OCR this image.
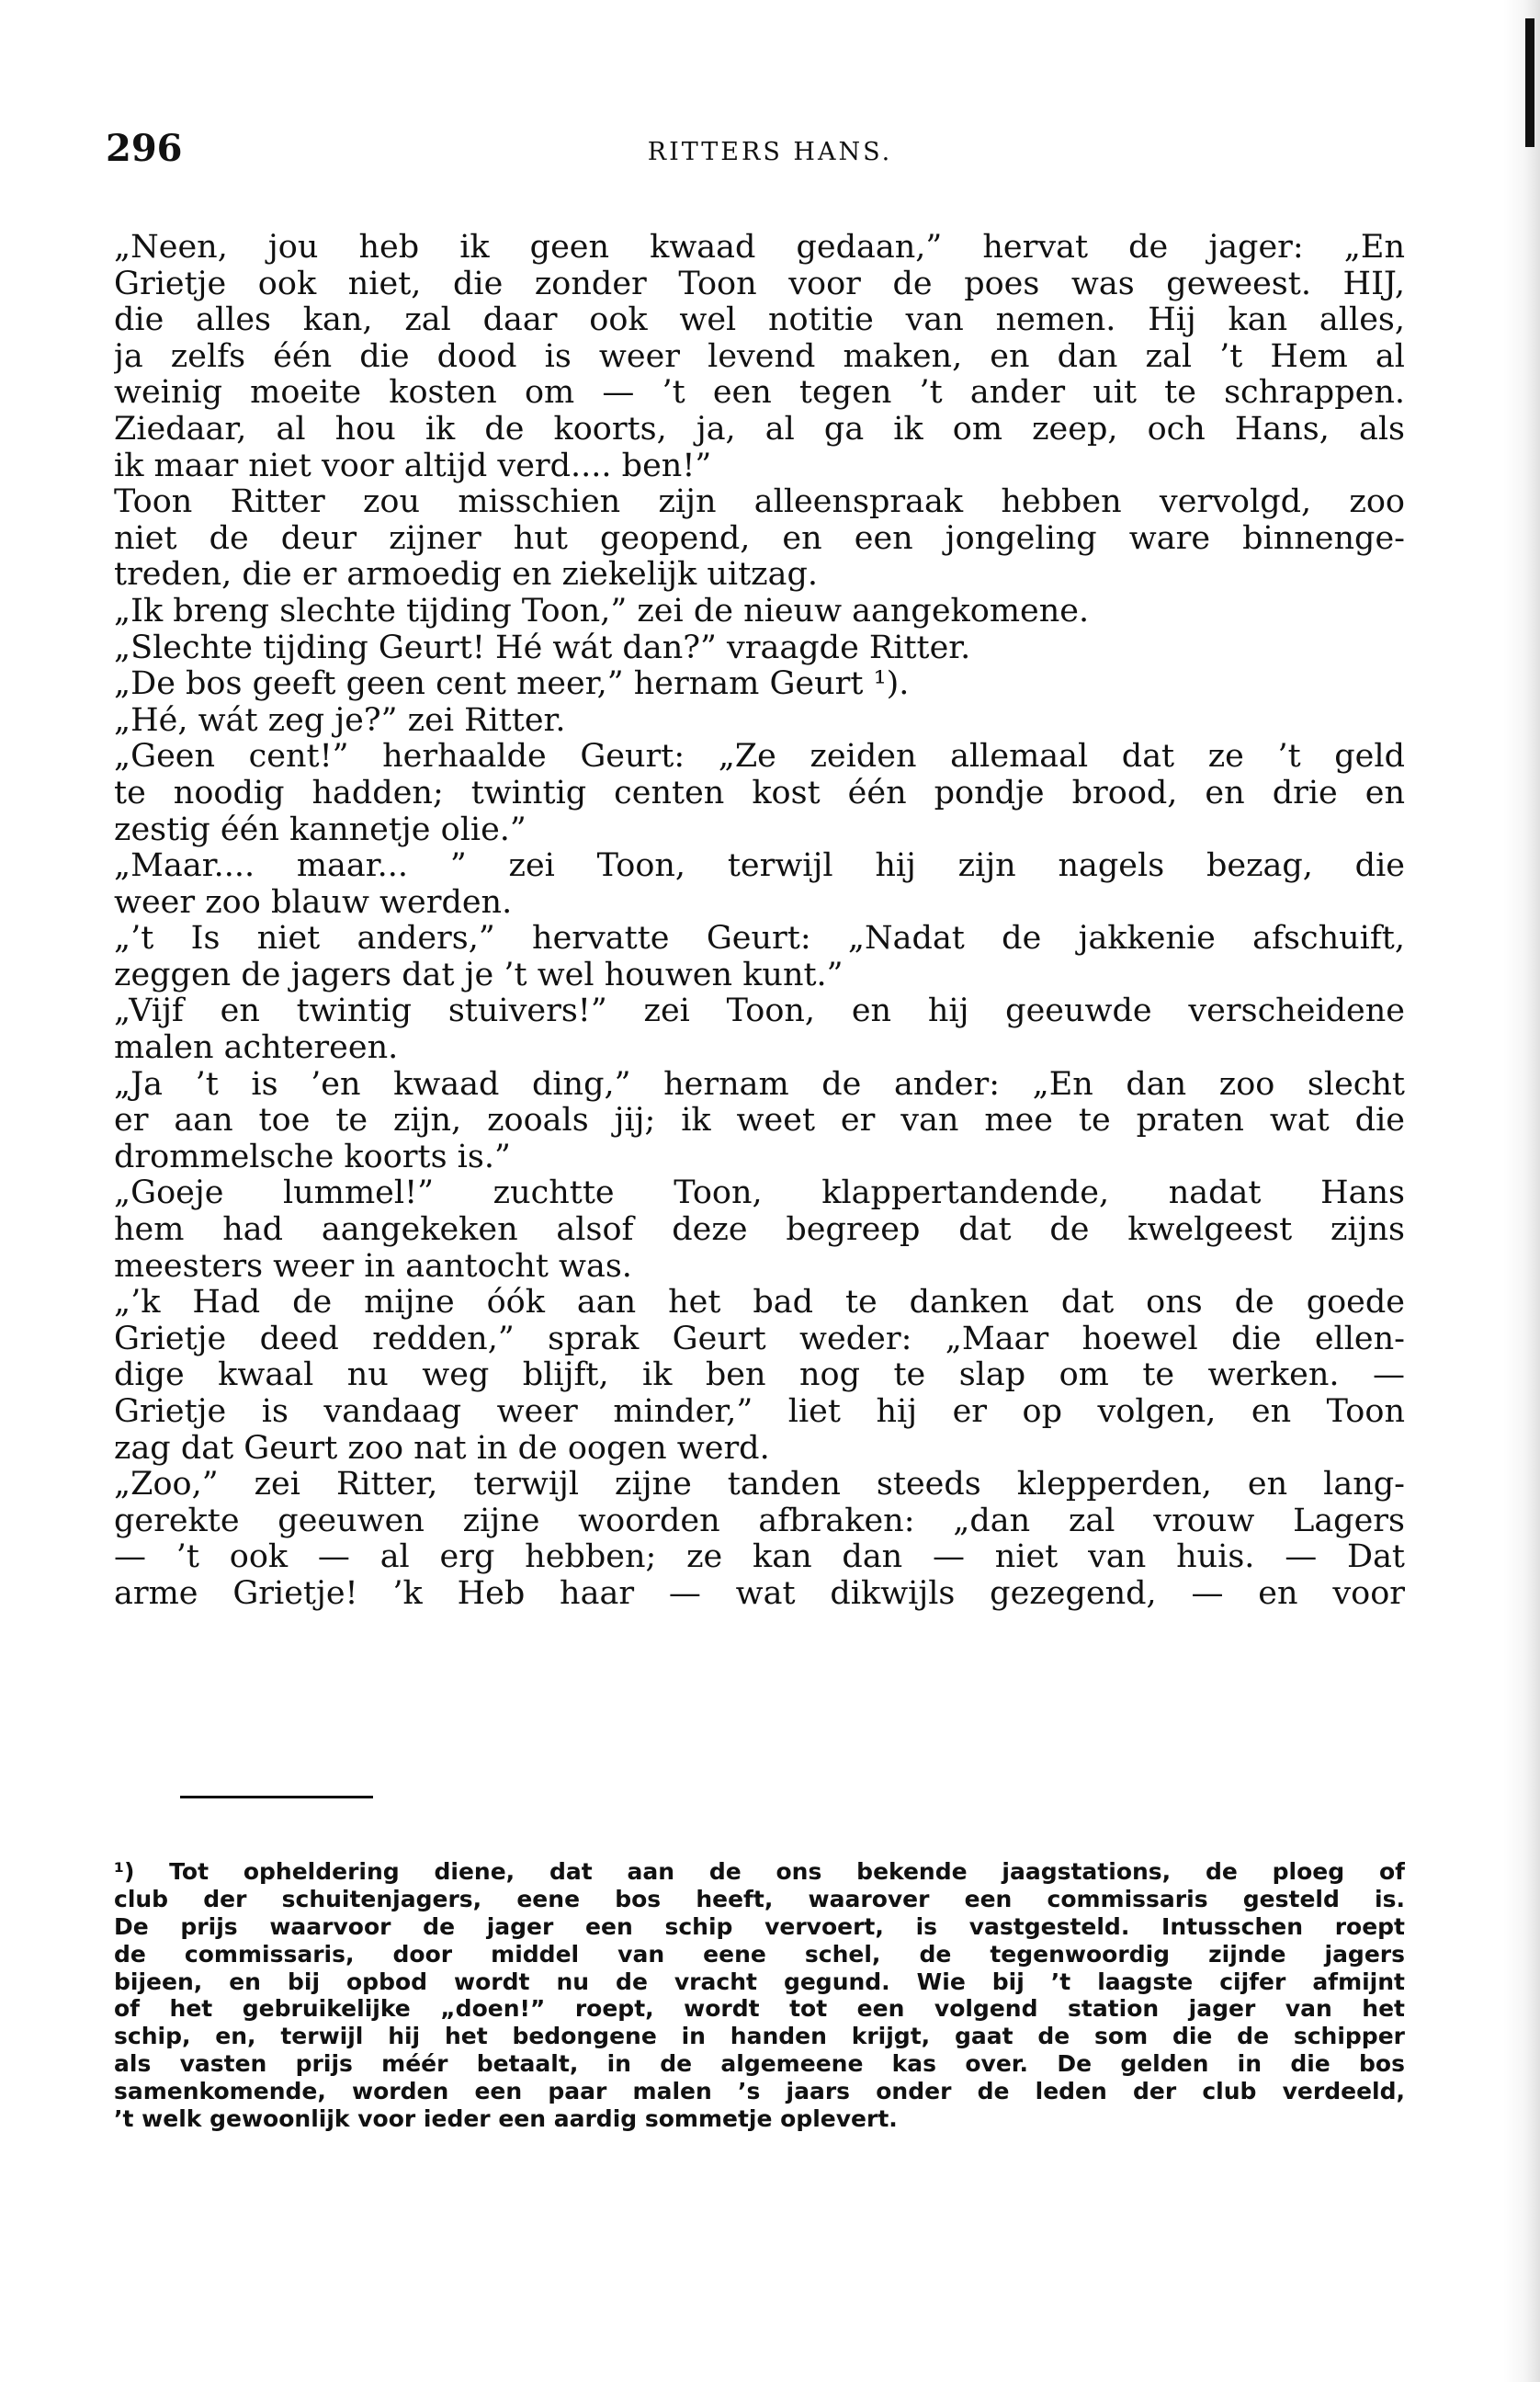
296	RITTERS HANS.
„Neen, jou heb ik geen kwaad gedaan,” hervat de jager: „En
Grietje ook niet, die zonder Toon voor de poes was geweest. HIJ,
die alles kan, zal daar ook wel notitie van nemen. Hij kan alles,
ja zelfs één die dood is weer levend maken, en dan zal ’t Hem al
weinig moeite kosten om — ’t een tegen ’t ander uit te schrappen.
Ziedaar, al hou ik de koorts, ja, al ga ik om zeep, och Hans, als
ik maar niet voor altijd verd.... ben!”
Toon Ritter zou misschien zijn alleenspraak hebben vervolgd, zoo
niet de deur zijner hut geopend, en een jongeling ware binnenge-
treden, die er armoedig en ziekelijk uitzag.
„Ik breng slechte tijding Toon,” zei de nieuw aangekomene.
„Slechte tijding Geurt! Hé wát dan?” vraagde Ritter.
„De bos geeft geen cent meer,” hernam Geurt ¹).
„Hé, wát zeg je?” zei Ritter.
„Geen cent!” herhaalde Geurt: „Ze zeiden allemaal dat ze ’t geld
te noodig hadden; twintig centen kost één pondje brood, en drie en
zestig één kannetje olie.”
„Maar.... maar... ” zei Toon, terwijl hij zijn nagels bezag, die
weer zoo blauw werden.
„’t Is niet anders,” hervatte Geurt: „Nadat de jakkenie afschuift,
zeggen de jagers dat je ’t wel houwen kunt.”
„Vijf en twintig stuivers!” zei Toon, en hij geeuwde verscheidene
malen achtereen.
„Ja ’t is ’en kwaad ding,” hernam de ander: „En dan zoo slecht
er aan toe te zijn, zooals jij; ik weet er van mee te praten wat die
drommelsche koorts is.”
„Goeje lummel!” zuchtte Toon, klappertandende, nadat Hans
hem had aangekeken alsof deze begreep dat de kwelgeest zijns
meesters weer in aantocht was.
„’k Had de mijne óók aan het bad te danken dat ons de goede
Grietje deed redden,” sprak Geurt weder: „Maar hoewel die ellen-
dige kwaal nu weg blijft, ik ben nog te slap om te werken. —
Grietje is vandaag weer minder,” liet hij er op volgen, en Toon
zag dat Geurt zoo nat in de oogen werd.
„Zoo,” zei Ritter, terwijl zijne tanden steeds klepperden, en lang-
gerekte geeuwen zijne woorden afbraken: „dan zal vrouw Lagers
— ’t ook — al erg hebben; ze kan dan — niet van huis. — Dat
arme Grietje! ’k Heb haar — wat dikwijls gezegend, — en voor
¹) Tot opheldering diene, dat aan de ons bekende jaagstations, de ploeg of
club der schuitenjagers, eene bos heeft, waarover een commissaris gesteld is.
De prijs waarvoor de jager een schip vervoert, is vastgesteld. Intusschen roept
de commissaris, door middel van eene schel, de tegenwoordig zijnde jagers
bijeen, en bij opbod wordt nu de vracht gegund. Wie bij ’t laagste cijfer afmijnt
of het gebruikelijke „doen!” roept, wordt tot een volgend station jager van het
schip, en, terwijl hij het bedongene in handen krijgt, gaat de som die de schipper
als vasten prijs méér betaalt, in de algemeene kas over. De gelden in die bos
samenkomende, worden een paar malen ’s jaars onder de leden der club verdeeld,
’t welk gewoonlijk voor ieder een aardig sommetje oplevert.
